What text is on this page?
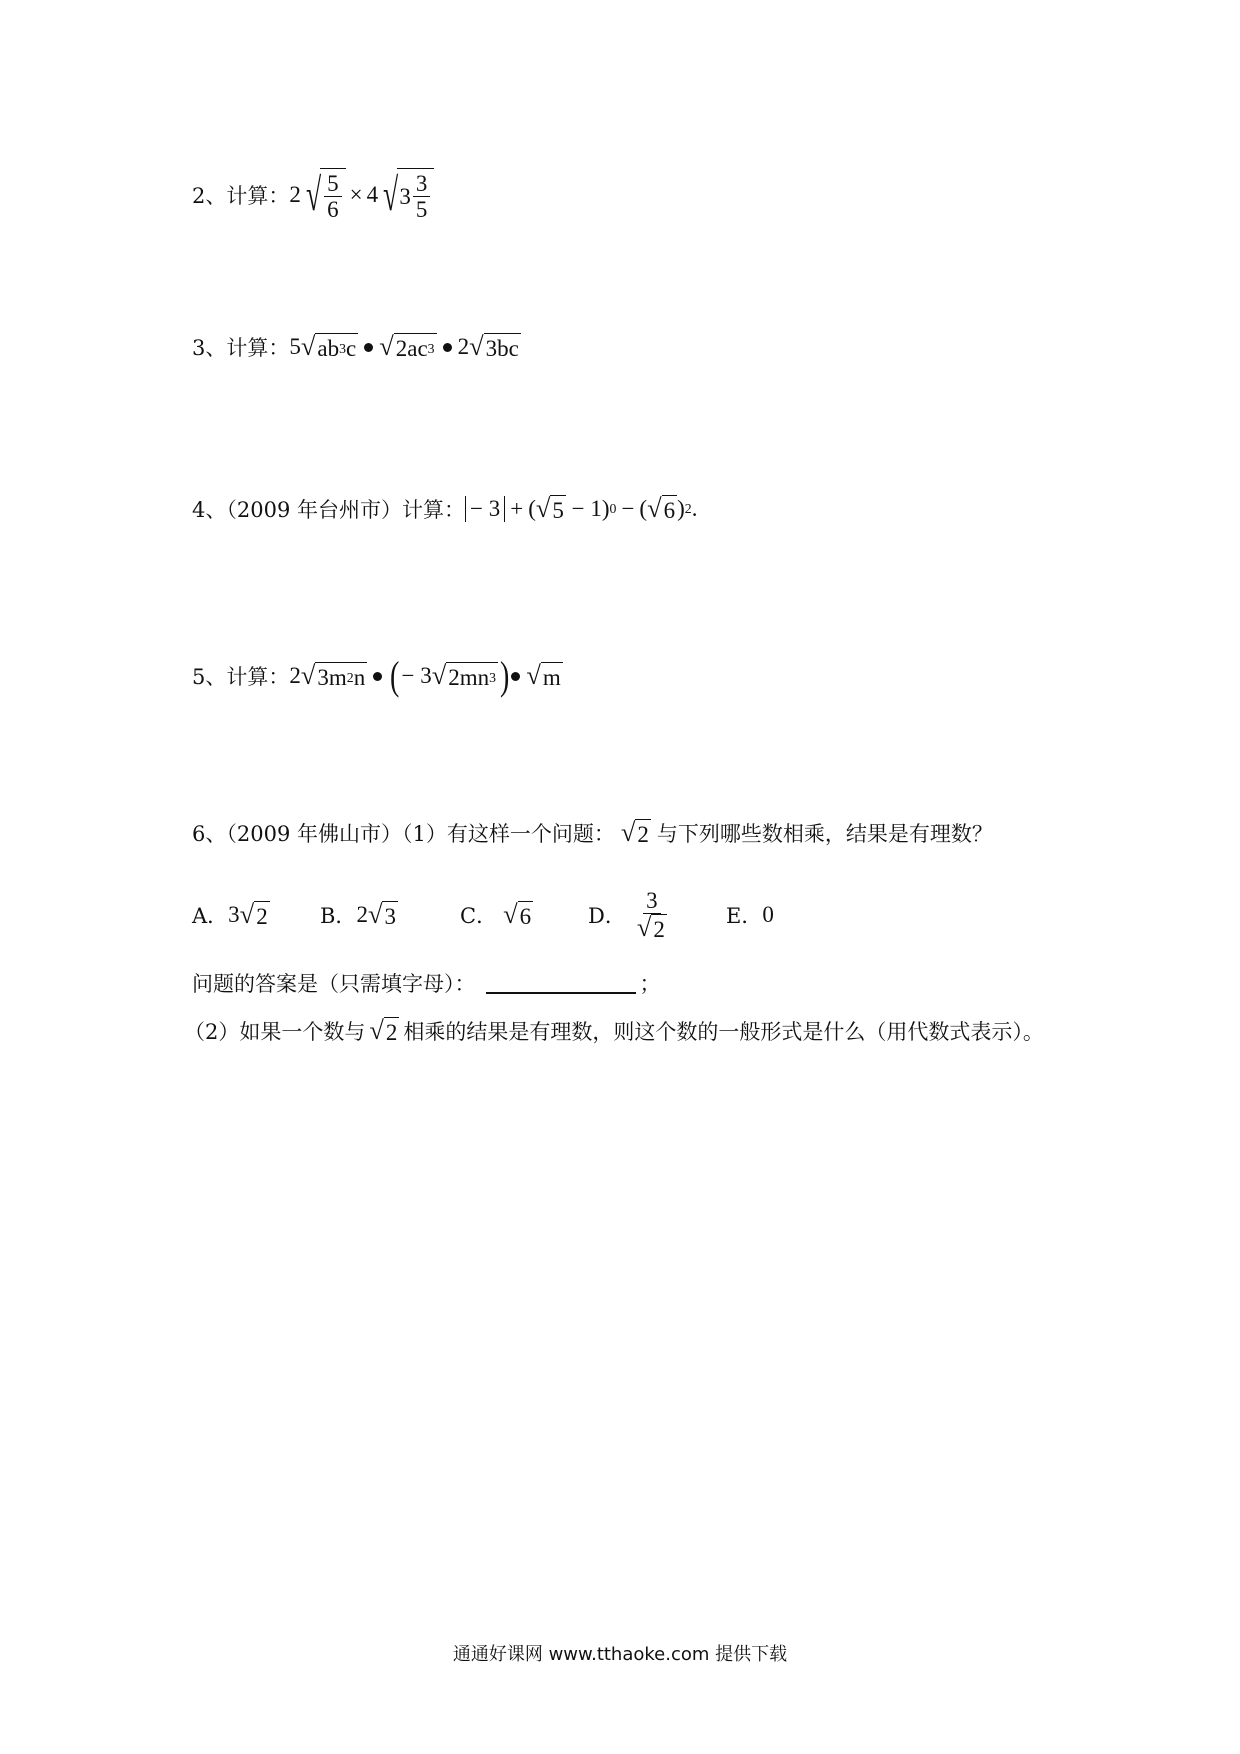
2、计算： 2 √ $\frac{5}{6} \times 4$ √ $3 \frac{3}{5}$
3、计算： 5 √ ab 3 c √ 2ac 3 2 √ 3bc
4、（2009 年台州市）计算： − 3 + ( √ 5 − 1) 0 − ( √ 6 ) 2 .
5、计算： 2 √ 3m 2 n ( − 3 √ 2mn 3 ) √ m
6、（2009 年佛山市）（1）有这样一个问题： √ 2 与下列哪些数相乘，结果是有理数？
A． 3 √ 2 B． 2 √ 3	C． √ 6	D． $\frac{3}{√ 2}$	E． 0
问题的答案是（只需填字母）：	；
（2）如果一个数与 √ 2 相乘的结果是有理数，则这个数的一般形式是什么（用代数式表示）。
通通好课网 www.tthaoke.com 提供下载
